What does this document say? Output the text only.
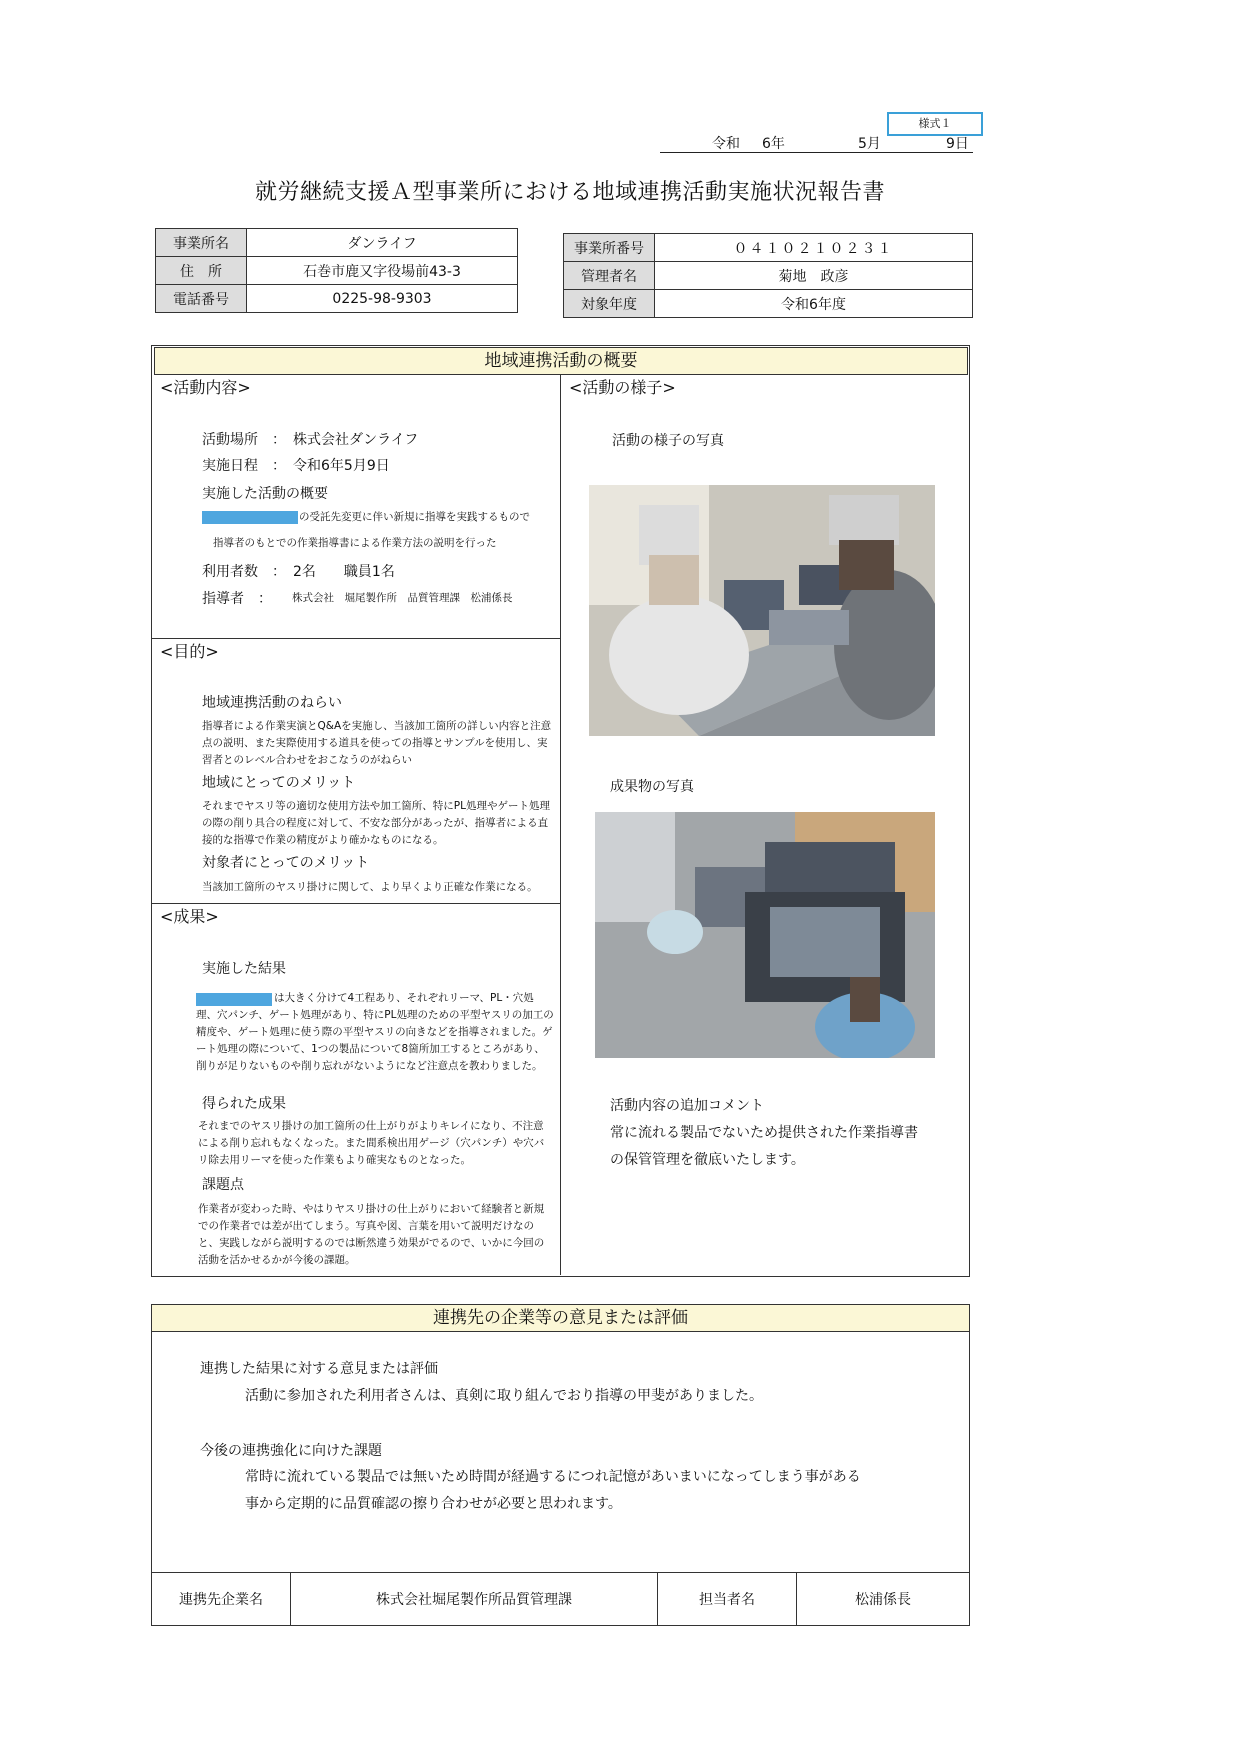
様式１
令和 6年	5月	9日
就労継続支援Ａ型事業所における地域連携活動実施状況報告書
事業所名	ダンライフ
住　所	石巻市鹿又字役場前43-3
電話番号	0225-98-9303
事業所番号	０４１０２１０２３１
管理者名	菊地　政彦
対象年度	令和6年度
地域連携活動の概要
<活動内容>
活動場所　：　株式会社ダンライフ
実施日程　：　令和6年5月9日
実施した活動の概要
の受託先変更に伴い新規に指導を実践するもので
指導者のもとでの作業指導書による作業方法の説明を行った
利用者数　：　2名　　職員1名
指導者　： 株式会社　堀尾製作所　品質管理課　松浦係長
<目的>
地域連携活動のねらい
指導者による作業実演とQ&Aを実施し、当該加工箇所の詳しい内容と注意点の説明、また実際使用する道具を使っての指導とサンプルを使用し、実習者とのレベル合わせをおこなうのがねらい
地域にとってのメリット
それまでヤスリ等の適切な使用方法や加工箇所、特にPL処理やゲート処理の際の削り具合の程度に対して、不安な部分があったが、指導者による直接的な指導で作業の精度がより確かなものになる。
対象者にとってのメリット
当該加工箇所のヤスリ掛けに関して、より早くより正確な作業になる。
<成果>
実施した結果
は大きく分けて4工程あり、それぞれリーマ、PL・穴処理、穴パンチ、ゲート処理があり、特にPL処理のための平型ヤスリの加工の精度や、ゲート処理に使う際の平型ヤスリの向きなどを指導されました。ゲート処理の際について、1つの製品について8箇所加工するところがあり、削りが足りないものや削り忘れがないようになど注意点を教わりました。
得られた成果
それまでのヤスリ掛けの加工箇所の仕上がりがよりキレイになり、不注意による削り忘れもなくなった。また間系検出用ゲージ（穴パンチ）や穴バリ除去用リーマを使った作業もより確実なものとなった。
課題点
作業者が変わった時、やはりヤスリ掛けの仕上がりにおいて経験者と新規での作業者では差が出てしまう。写真や図、言葉を用いて説明だけなのと、実践しながら説明するのでは断然違う効果がでるので、いかに今回の活動を活かせるかが今後の課題。
<活動の様子>
活動の様子の写真
成果物の写真
活動内容の追加コメント
常に流れる製品でないため提供された作業指導書
の保管管理を徹底いたします。
連携先の企業等の意見または評価
連携した結果に対する意見または評価
活動に参加された利用者さんは、真剣に取り組んでおり指導の甲斐がありました。
今後の連携強化に向けた課題
常時に流れている製品では無いため時間が経過するにつれ記憶があいまいになってしまう事がある
事から定期的に品質確認の擦り合わせが必要と思われます。
連携先企業名	株式会社堀尾製作所品質管理課	担当者名	松浦係長
